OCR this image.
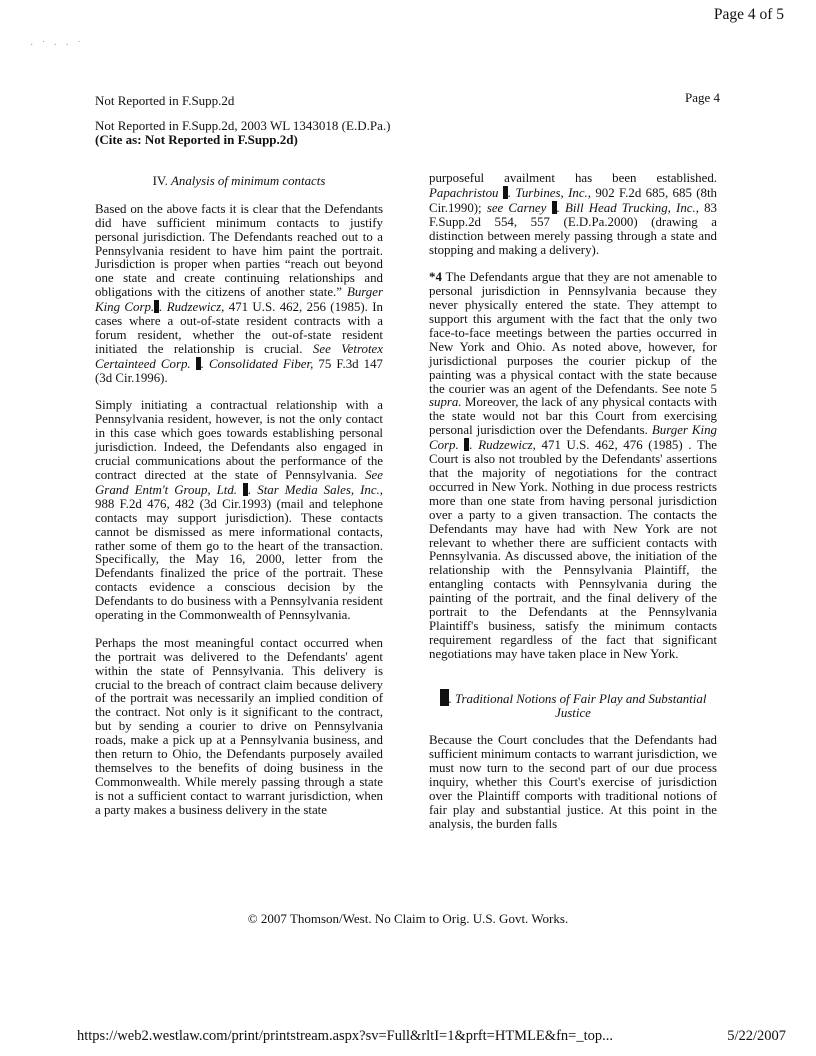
Page 4 of 5
· ˙ · · ˙
Not Reported in F.Supp.2d	Page 4
Not Reported in F.Supp.2d, 2003 WL 1343018 (E.D.Pa.)
(Cite as: Not Reported in F.Supp.2d)

IV. Analysis of minimum contacts

Based on the above facts it is clear that the Defendants did have sufficient minimum contacts to justify personal jurisdiction. The Defendants reached out to a Pennsylvania resident to have him paint the portrait. Jurisdiction is proper when parties “reach out beyond one state and create continuing relationships and obligations with the citizens of another state.” Burger King Corp. . Rudzewicz, 471 U.S. 462, 256 (1985). In cases where a out-of-state resident contracts with a forum resident, whether the out-of-state resident initiated the relationship is crucial. See Vetrotex Certainteed Corp. . Consolidated Fiber, 75 F.3d 147 (3d Cir.1996).

Simply initiating a contractual relationship with a Pennsylvania resident, however, is not the only contact in this case which goes towards establishing personal jurisdiction. Indeed, the Defendants also engaged in crucial communications about the performance of the contract directed at the state of Pennsylvania. See Grand Entm't Group, Ltd. . Star Media Sales, Inc., 988 F.2d 476, 482 (3d Cir.1993) (mail and telephone contacts may support jurisdiction). These contacts cannot be dismissed as mere informational contacts, rather some of them go to the heart of the transaction. Specifically, the May 16, 2000, letter from the Defendants finalized the price of the portrait. These contacts evidence a conscious decision by the Defendants to do business with a Pennsylvania resident operating in the Commonwealth of Pennsylvania.

Perhaps the most meaningful contact occurred when the portrait was delivered to the Defendants' agent within the state of Pennsylvania. This delivery is crucial to the breach of contract claim because delivery of the portrait was necessarily an implied condition of the contract. Not only is it significant to the contract, but by sending a courier to drive on Pennsylvania roads, make a pick up at a Pennsylvania business, and then return to Ohio, the Defendants purposely availed themselves to the benefits of doing business in the Commonwealth. While merely passing through a state is not a sufficient contact to warrant jurisdiction, when a party makes a business delivery in the state

purposeful availment has been established. Papachristou . Turbines, Inc., 902 F.2d 685, 685 (8th Cir.1990); see Carney . Bill Head Trucking, Inc., 83 F.Supp.2d 554, 557 (E.D.Pa.2000) (drawing a distinction between merely passing through a state and stopping and making a delivery).

*4 The Defendants argue that they are not amenable to personal jurisdiction in Pennsylvania because they never physically entered the state. They attempt to support this argument with the fact that the only two face-to-face meetings between the parties occurred in New York and Ohio. As noted above, however, for jurisdictional purposes the courier pickup of the painting was a physical contact with the state because the courier was an agent of the Defendants. See note 5 supra. Moreover, the lack of any physical contacts with the state would not bar this Court from exercising personal jurisdiction over the Defendants. Burger King Corp. . Rudzewicz, 471 U.S. 462, 476 (1985) . The Court is also not troubled by the Defendants' assertions that the majority of negotiations for the contract occurred in New York. Nothing in due process restricts more than one state from having personal jurisdiction over a party to a given transaction. The contacts the Defendants may have had with New York are not relevant to whether there are sufficient contacts with Pennsylvania. As discussed above, the initiation of the relationship with the Pennsylvania Plaintiff, the entangling contacts with Pennsylvania during the painting of the portrait, and the final delivery of the portrait to the Defendants at the Pennsylvania Plaintiff's business, satisfy the minimum contacts requirement regardless of the fact that significant negotiations may have taken place in New York.

. Traditional Notions of Fair Play and Substantial Justice

Because the Court concludes that the Defendants had sufficient minimum contacts to warrant jurisdiction, we must now turn to the second part of our due process inquiry, whether this Court's exercise of jurisdiction over the Plaintiff comports with traditional notions of fair play and substantial justice. At this point in the analysis, the burden falls

© 2007 Thomson/West. No Claim to Orig. U.S. Govt. Works.
https://web2.westlaw.com/print/printstream.aspx?sv=Full&rltI=1&prft=HTMLE&fn=_top...	5/22/2007
